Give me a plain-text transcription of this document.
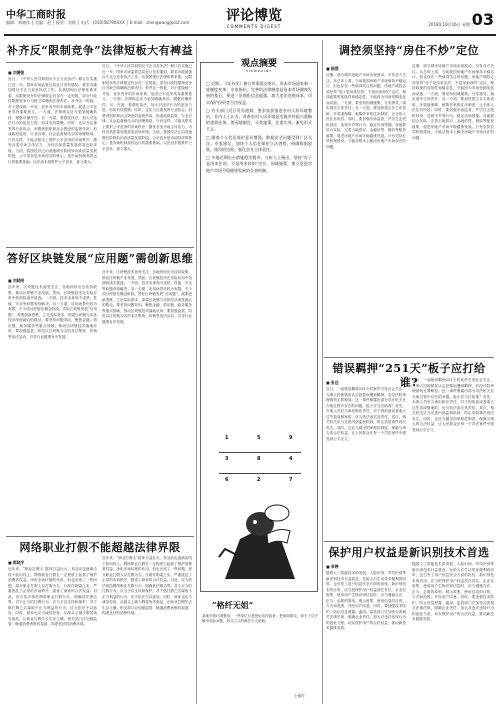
中华工商时报
编辑：郭晓伟 │ 美编：赵 │ 校对：刘晓 │ 电话：(010)5879XXXX │ E-mail：shengwang@cbt.com	评论博览
COMMENTS DIGEST	2018年10月16日 星期二
03
补齐反“限制竞争”法律短板大有裨益
■ 刘德俊
近日，《中华人民共和国反不正当竞争法》修订后实施已近一年，国家市场监管总局近日发布通知，要求各地加强反不正当竞争执法工作。从我国现行法律体系来看，反限制竞争的法律规定仍存在一定短板，部分行政性限制竞争行为缺乏明确的法律责任。补齐这一短板，对于建设统一开放、竞争有序的市场体系，促进公平竞争具有重要意义。一方面，法律规定应当更加明确具体，增强可操作性；另一方面，要强化执法，加大对违法行为的惩处力度，形成有效震慑。同时，还应当注重发挥行业协会、消费者组织和社会舆论的监督作用，形成政府监管、行业自律、社会监督相结合的治理格局。只有这样，才能从根本上维护公平竞争的市场秩序，激发各类市场主体活力，为经济高质量发展营造良好环境。当前，我国经济已由高速增长阶段转向高质量发展阶段，公平竞争是市场经济的核心，是市场机制高效运行的重要基础。以法治手段维护公平竞争，意义重大。
近日，《中华人民共和国反不正当竞争法》修订后实施已近一年，国家市场监管总局近日发布通知，要求各地加强反不正当竞争执法工作。从我国现行法律体系来看，反限制竞争的法律规定仍存在一定短板，部分行政性限制竞争行为缺乏明确的法律责任。补齐这一短板，对于建设统一开放、竞争有序的市场体系，促进公平竞争具有重要意义。一方面，法律规定应当更加明确具体，增强可操作性；另一方面，要强化执法，加大对违法行为的惩处力度，形成有效震慑。同时，还应当注重发挥行业协会、消费者组织和社会舆论的监督作用，形成政府监管、行业自律、社会监督相结合的治理格局。只有这样，才能从根本上维护公平竞争的市场秩序，激发各类市场主体活力，为经济高质量发展营造良好环境。当前，我国经济已由高速增长阶段转向高质量发展阶段，公平竞争是市场经济的核心，是市场机制高效运行的重要基础。以法治手段维护公平竞争，意义重大。
答好区块链发展“应用题”需创新思维
■ 刘晓明
近年来，区块链技术备受关注，各地纷纷出台扶持政策，推动区块链产业发展。然而，区块链技术在实际应用中仍面临诸多挑战。一方面，技术本身尚不成熟，性能、安全等问题有待解决；另一方面，应用场景仍较为有限，不少项目停留在概念阶段。答好区块链发展“应用题”，需要创新思维，立足实际需求，探索区块链与实体经济深度融合的路径。要坚持问题导向，聚焦金融、供应链、政务服务等重点领域，推动区块链技术落地应用；要加强监管，防范以区块链为名的非法集资、传销等违法活动，引导行业健康有序发展。
近年来，区块链技术备受关注，各地纷纷出台扶持政策，推动区块链产业发展。然而，区块链技术在实际应用中仍面临诸多挑战。一方面，技术本身尚不成熟，性能、安全等问题有待解决；另一方面，应用场景仍较为有限，不少项目停留在概念阶段。答好区块链发展“应用题”，需要创新思维，立足实际需求，探索区块链与实体经济深度融合的路径。要坚持问题导向，聚焦金融、供应链、政务服务等重点领域，推动区块链技术落地应用；要加强监管，防范以区块链为名的非法集资、传销等违法活动，引导行业健康有序发展。
网络职业打假不能超越法律界限
■ 郭晓宇
近年来，“职业打假人”群体日益壮大，其活动也逐渐由线下转向线上。网络职业打假在一定程度上起到了维护消费者权益、净化市场环境的作用，但也出现了一些问题。部分职业打假人以打假为名，行敲诈勒索之实，严重扰乱了正常的市场秩序，损害了商家的合法权益。对此，应当依法规范网络职业打假行为，明确其法律边界。对于正当的打假行为，应当予以支持和保护；对于借打假之名谋取不正当利益的行为，应当依法予以惩处。同时，商家也应当诚信经营，从源头上减少假冒伪劣商品，让职业打假失去生存土壤。相关部门应加强监管，畅通消费者维权渠道，构建良好的消费环境。
近年来，“职业打假人”群体日益壮大，其活动也逐渐由线下转向线上。网络职业打假在一定程度上起到了维护消费者权益、净化市场环境的作用，但也出现了一些问题。部分职业打假人以打假为名，行敲诈勒索之实，严重扰乱了正常的市场秩序，损害了商家的合法权益。对此，应当依法规范网络职业打假行为，明确其法律边界。对于正当的打假行为，应当予以支持和保护；对于借打假之名谋取不正当利益的行为，应当依法予以惩处。同时，商家也应当诚信经营，从源头上减少假冒伪劣商品，让职业打假失去生存土壤。相关部门应加强监管，畅通消费者维权渠道，构建良好的消费环境。
观点摘要
VIEWPOINT

□ 近期，《证券法》修订草案提交审议，资本市场迎来新一轮制度变革。专家指出，完善的法律制度是资本市场健康发展的基石，要进一步强化信息披露，加大违法违规成本，切实保护投资者合法权益。

□ 有关部门近日发布通知，要求加快推进农村人居环境整治。业内人士认为，改善农村人居环境是实施乡村振兴战略的重要任务，要因地制宜、分类施策，注重实效，避免形式主义。

□ 随着个人信息保护意识增强，数据安全问题受到广泛关注。专家建议，加快个人信息保护立法进程，明确数据收集、使用的边界，强化企业主体责任。

□ 多地近期出台措施稳定楼市。分析人士指出，坚持“房子是用来住的、不是用来炒的”定位，因城施策，建立促进房地产市场平稳健康发展的长效机制。

1	5	9
3	8	4
6	2	7
“格纤无姐”
某地开展环境整治，一些单位只是把标语挂起来、把场面做足，却不下功夫解决实际问题，形式主义的做法令人诟病。
王威作
调控须坚持“房住不炒”定位
■ 陆强
近期，部分城市房地产市场出现波动，引发各方关注。从总体上看，当前我国房地产市场保持平稳运行，但也存在一些值得关注的问题。房地产调控必须坚持“房子是用来住的、不是用来炒的”定位，保持政策的连续性和稳定性，不能因为市场短期变化而动摇。一方面，要坚持因城施策，分类指导，落实城市主体责任；另一方面，要加快建立多主体供给、多渠道保障、租购并举的住房制度，让全体人民住有所居。同时，要加强市场监管，严厉打击投机炒房、违规中介等行为，稳定市场预期。各地要结合实际，完善土地供应、金融信贷、税收等配套政策，促进房地产市场平稳健康发展。只有坚持长效机制建设，才能从根本上解决房地产市场存在的问题。
近期，部分城市房地产市场出现波动，引发各方关注。从总体上看，当前我国房地产市场保持平稳运行，但也存在一些值得关注的问题。房地产调控必须坚持“房子是用来住的、不是用来炒的”定位，保持政策的连续性和稳定性，不能因为市场短期变化而动摇。一方面，要坚持因城施策，分类指导，落实城市主体责任；另一方面，要加快建立多主体供给、多渠道保障、租购并举的住房制度，让全体人民住有所居。同时，要加强市场监管，严厉打击投机炒房、违规中介等行为，稳定市场预期。各地要结合实际，完善土地供应、金融信贷、税收等配套政策，促进房地产市场平稳健康发展。只有坚持长效机制建设，才能从根本上解决房地产市场存在的问题。
错误羁押“251天”板子应打给谁?
■ 张远
近日，一起错误羁押251天的案件引发社会关注。当事人因被错误认定犯罪而遭到羁押，后经法院审理被判无罪释放。这一事件暴露出部分司法机关在办案过程中存在的问题。板子应当打给谁？首先，办案人员应当承担相应责任，对于因故意或者重大过失造成错案的，应当依法追究其责任。其次，相关机关应当完善内部监督机制，防止类似事件再次发生。同时，还应当健全国家赔偿制度，保障当事人的合法权益，让人民群众在每一个司法案件中感受到公平正义。
近日，一起错误羁押251天的案件引发社会关注。当事人因被错误认定犯罪而遭到羁押，后经法院审理被判无罪释放。这一事件暴露出部分司法机关在办案过程中存在的问题。板子应当打给谁？首先，办案人员应当承担相应责任，对于因故意或者重大过失造成错案的，应当依法追究其责任。其次，相关机关应当完善内部监督机制，防止类似事件再次发生。同时，还应当健全国家赔偿制度，保障当事人的合法权益，让人民群众在每一个司法案件中感受到公平正义。
保护用户权益是新识别技术首选
■ 李婷
随着人工智能技术的发展，人脸识别、声纹识别等新识别技术日益普及，在给人们生活带来便利的同时，也引发了用户信息安全方面的担忧。新识别技术的应用，应当把保护用户权益放在首位。企业在收集、使用用户生物识别信息时，应当遵循合法、正当、必要的原则，明示收集、使用信息的目的、方式和范围，并经用户同意。同时，要加强技术防护，防止信息泄露、滥用。监管部门应加快完善相关法律法规，明确企业责任，加大对违法违规行为的惩处力度，切实保护用户的合法权益，推动新技术健康发展。
随着人工智能技术的发展，人脸识别、声纹识别等新识别技术日益普及，在给人们生活带来便利的同时，也引发了用户信息安全方面的担忧。新识别技术的应用，应当把保护用户权益放在首位。企业在收集、使用用户生物识别信息时，应当遵循合法、正当、必要的原则，明示收集、使用信息的目的、方式和范围，并经用户同意。同时，要加强技术防护，防止信息泄露、滥用。监管部门应加快完善相关法律法规，明确企业责任，加大对违法违规行为的惩处力度，切实保护用户的合法权益，推动新技术健康发展。
